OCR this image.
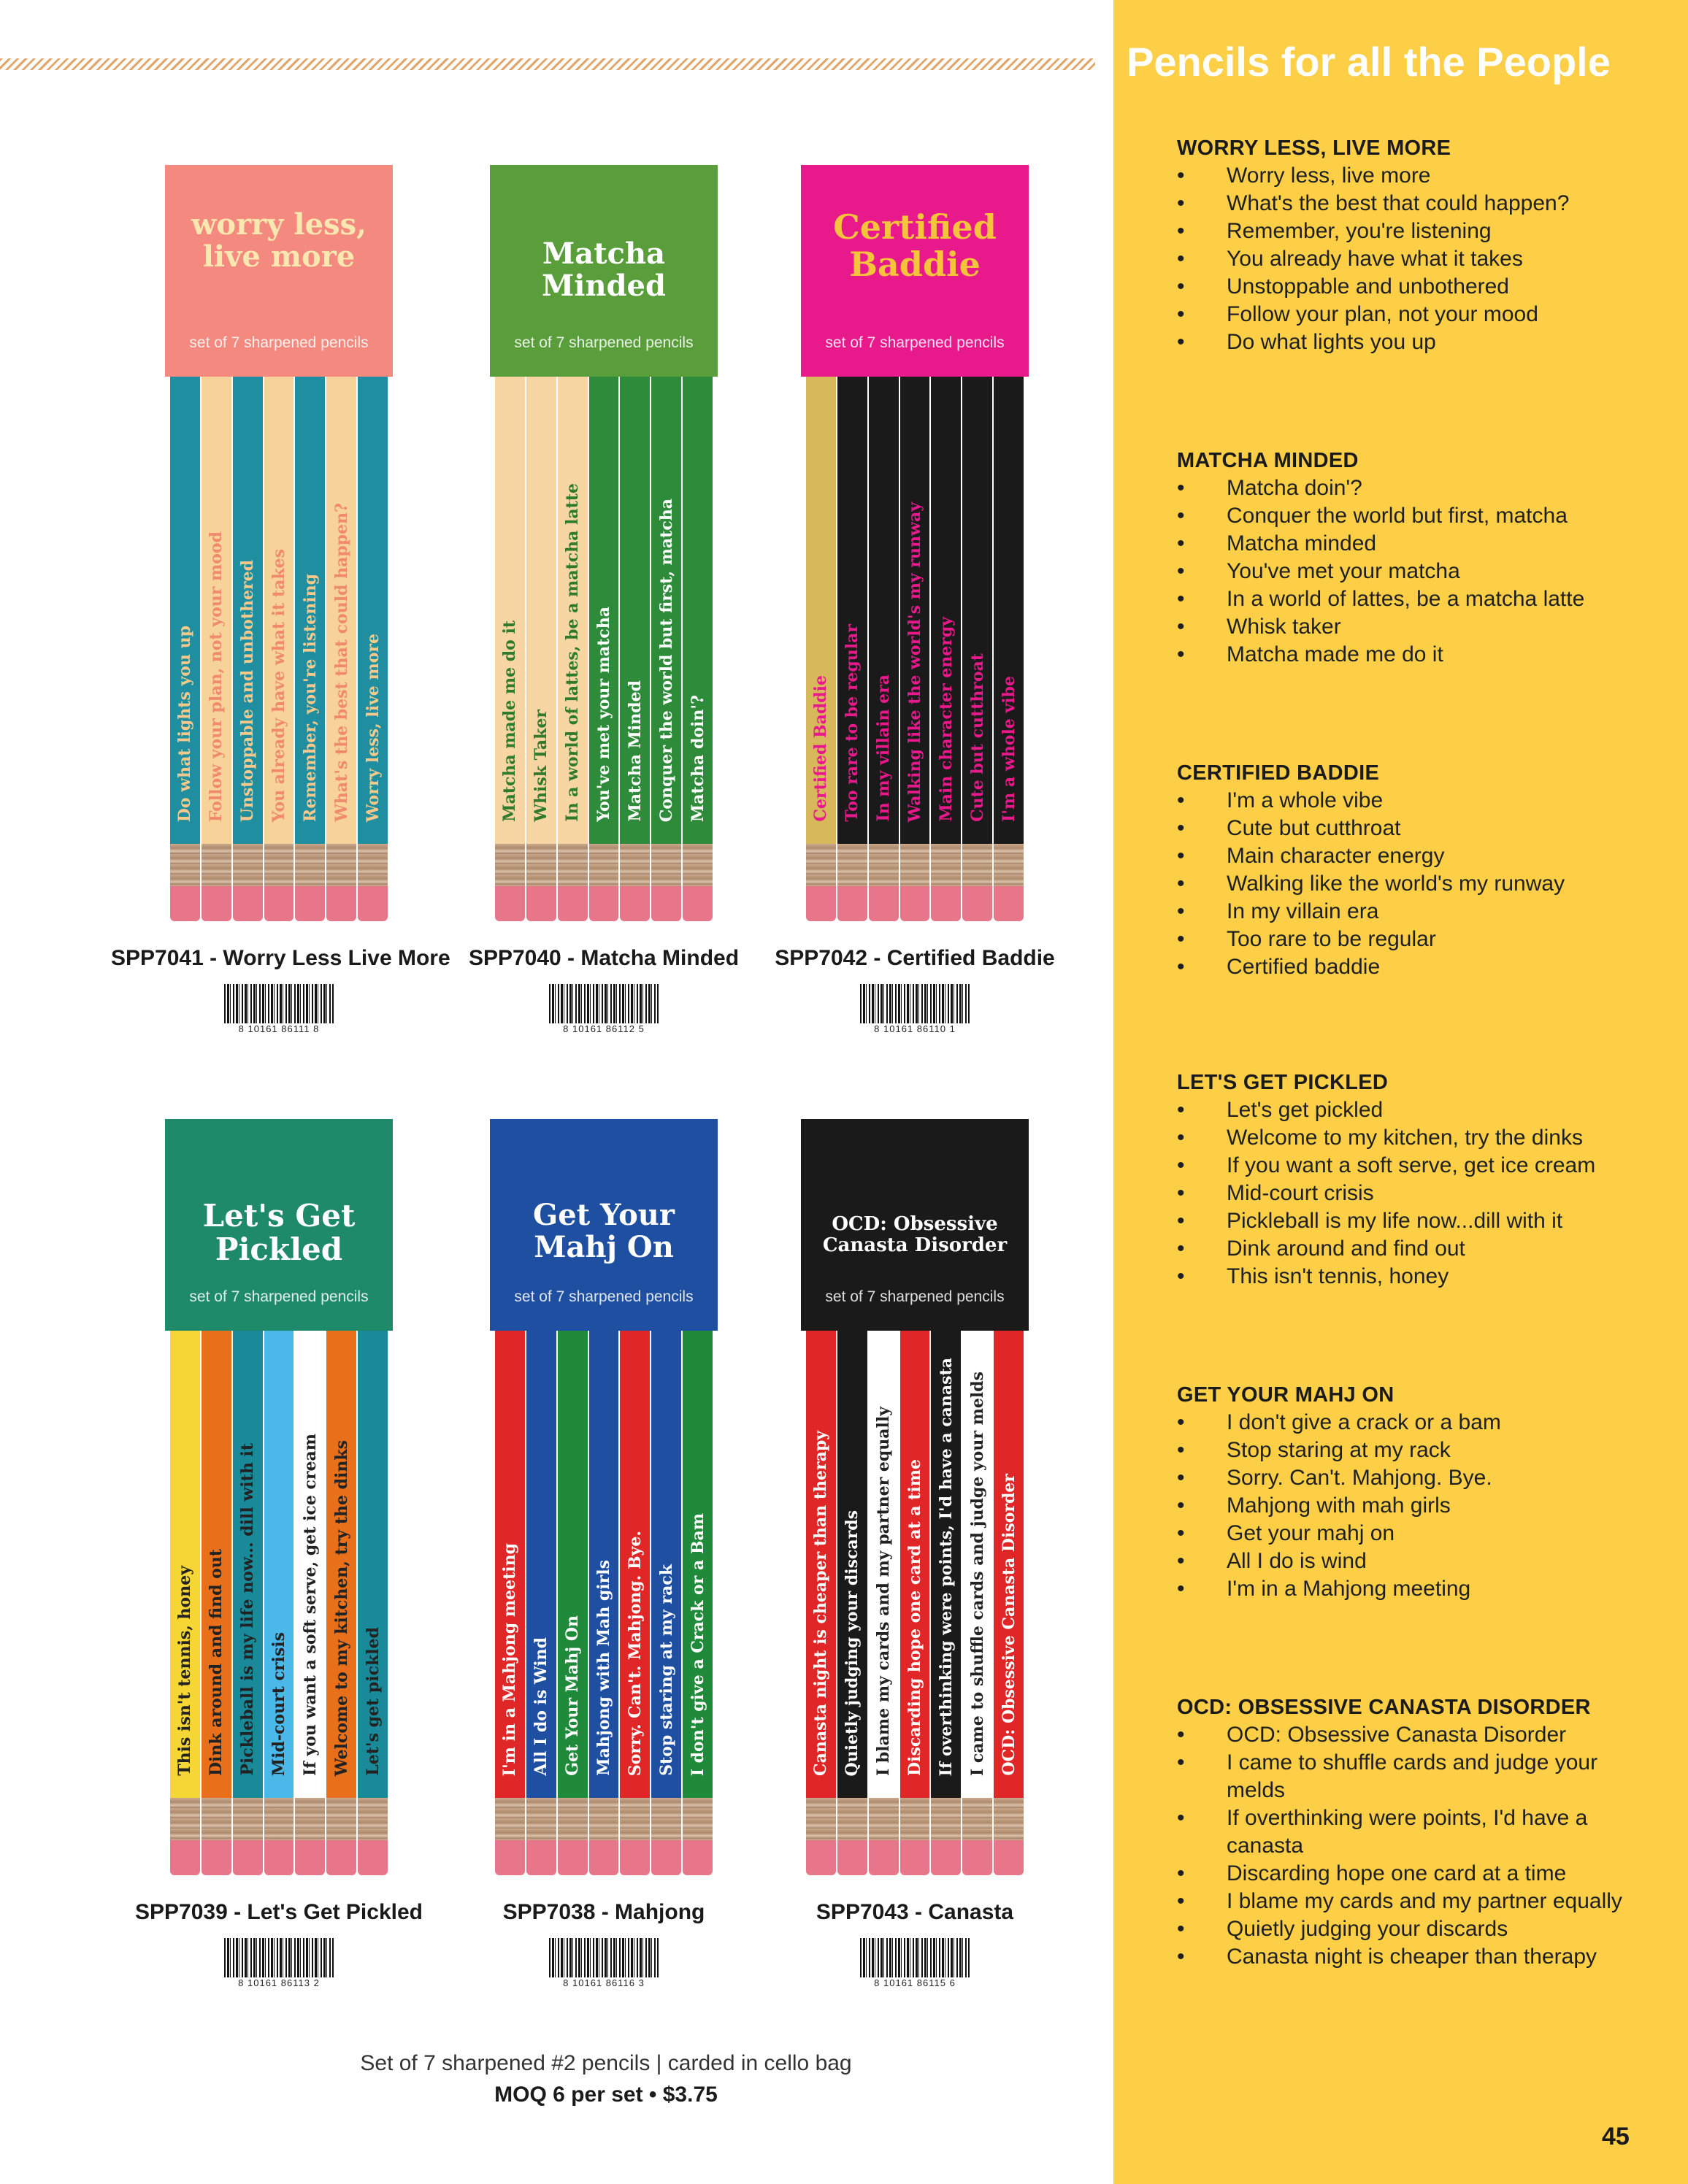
Pencils for all the People
WORRY LESS, LIVE MORE
• Worry less, live more
• What's the best that could happen?
• Remember, you're listening
• You already have what it takes
• Unstoppable and unbothered
• Follow your plan, not your mood
• Do what lights you up
MATCHA MINDED
• Matcha doin'?
• Conquer the world but first, matcha
• Matcha minded
• You've met your matcha
• In a world of lattes, be a matcha latte
• Whisk taker
• Matcha made me do it
CERTIFIED BADDIE
• I'm a whole vibe
• Cute but cutthroat
• Main character energy
• Walking like the world's my runway
• In my villain era
• Too rare to be regular
• Certified baddie
LET'S GET PICKLED
• Let's get pickled
• Welcome to my kitchen, try the dinks
• If you want a soft serve, get ice cream
• Mid-court crisis
• Pickleball is my life now...dill with it
• Dink around and find out
• This isn't tennis, honey
GET YOUR MAHJ ON
• I don't give a crack or a bam
• Stop staring at my rack
• Sorry. Can't. Mahjong. Bye.
• Mahjong with mah girls
• Get your mahj on
• All I do is wind
• I'm in a Mahjong meeting
OCD: OBSESSIVE CANASTA DISORDER
• OCD: Obsessive Canasta Disorder
• I came to shuffle cards and judge your melds
• If overthinking were points, I'd have a canasta
• Discarding hope one card at a time
• I blame my cards and my partner equally
• Quietly judging your discards
• Canasta night is cheaper than therapy
Set of 7 sharpened #2 pencils | carded in cello bag
MOQ 6 per set • $3.75
45
worry less, live more
set of 7 sharpened pencils
Do what lights you up Follow your plan, not your mood Unstoppable and unbothered You already have what it takes Remember, you're listening What's the best that could happen? Worry less, live more
SPP7041 - Worry Less Live More
8 10161 86111 8
Matcha Minded
set of 7 sharpened pencils
Matcha made me do it Whisk Taker In a world of lattes, be a matcha latte You've met your matcha Matcha Minded Conquer the world but first, matcha Matcha doin'?
SPP7040 - Matcha Minded
8 10161 86112 5
Certified Baddie
set of 7 sharpened pencils
Certified Baddie Too rare to be regular In my villain era Walking like the world's my runway Main character energy Cute but cutthroat I'm a whole vibe
SPP7042 - Certified Baddie
8 10161 86110 1
Let's Get Pickled
set of 7 sharpened pencils
This isn't tennis, honey Dink around and find out Pickleball is my life now... dill with it Mid-court crisis If you want a soft serve, get ice cream Welcome to my kitchen, try the dinks Let's get pickled
SPP7039 - Let's Get Pickled
8 10161 86113 2
Get Your Mahj On
set of 7 sharpened pencils
I'm in a Mahjong meeting All I do is Wind Get Your Mahj On Mahjong with Mah girls Sorry. Can't. Mahjong. Bye. Stop staring at my rack I don't give a Crack or a Bam
SPP7038 - Mahjong
8 10161 86116 3
OCD: Obsessive Canasta Disorder
set of 7 sharpened pencils
Canasta night is cheaper than therapy Quietly judging your discards I blame my cards and my partner equally Discarding hope one card at a time If overthinking were points, I'd have a canasta I came to shuffle cards and judge your melds OCD: Obsessive Canasta Disorder
SPP7043 - Canasta
8 10161 86115 6
